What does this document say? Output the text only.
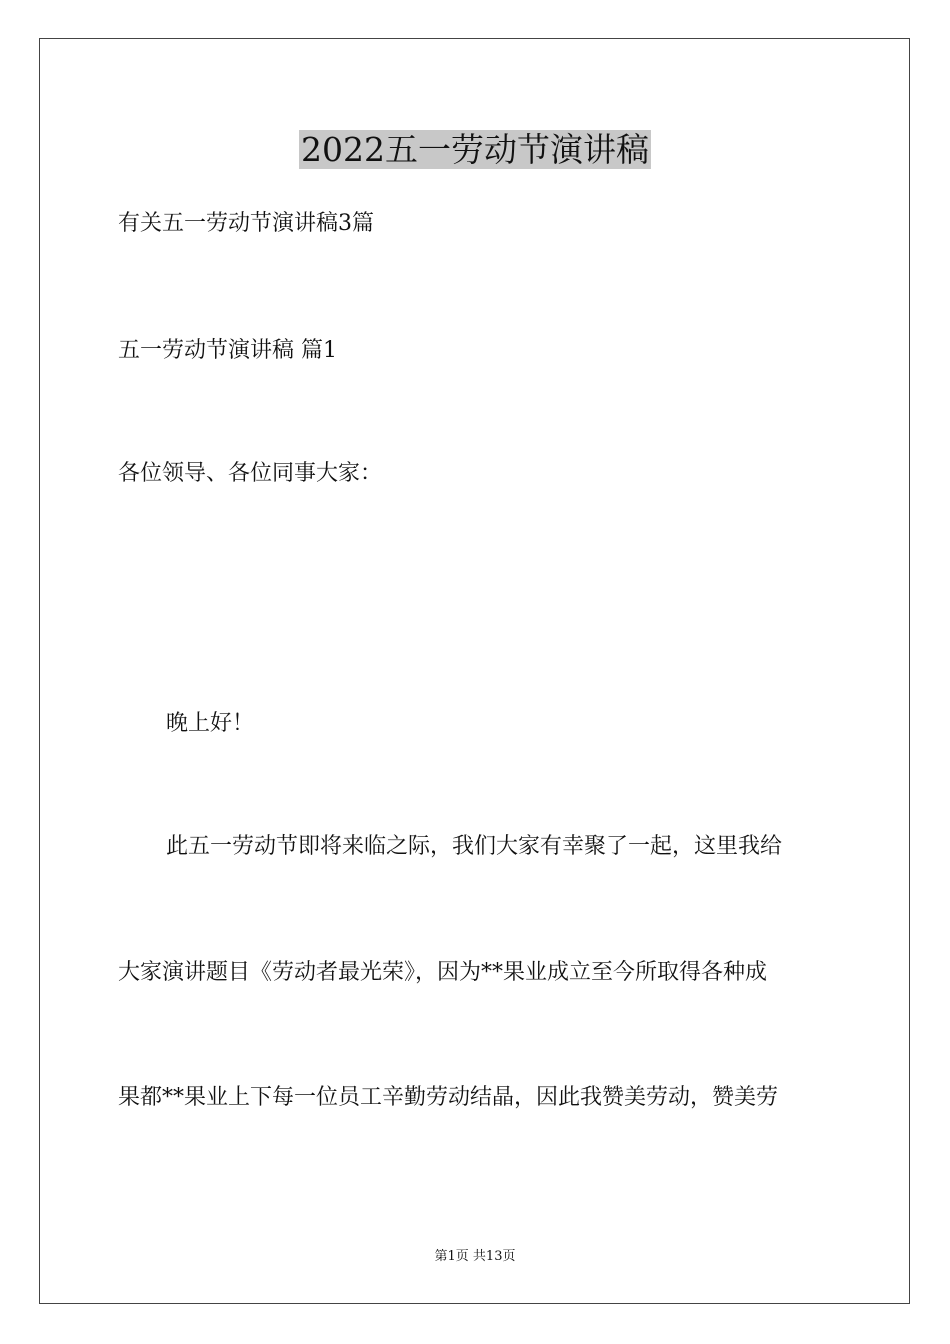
2022五一劳动节演讲稿
有关五一劳动节演讲稿3篇
五一劳动节演讲稿 篇1
各位领导、各位同事大家：
晚上好！
此五一劳动节即将来临之际，我们大家有幸聚了一起，这里我给
大家演讲题目《劳动者最光荣》，因为**果业成立至今所取得各种成
果都**果业上下每一位员工辛勤劳动结晶，因此我赞美劳动，赞美劳
第1页 共13页
